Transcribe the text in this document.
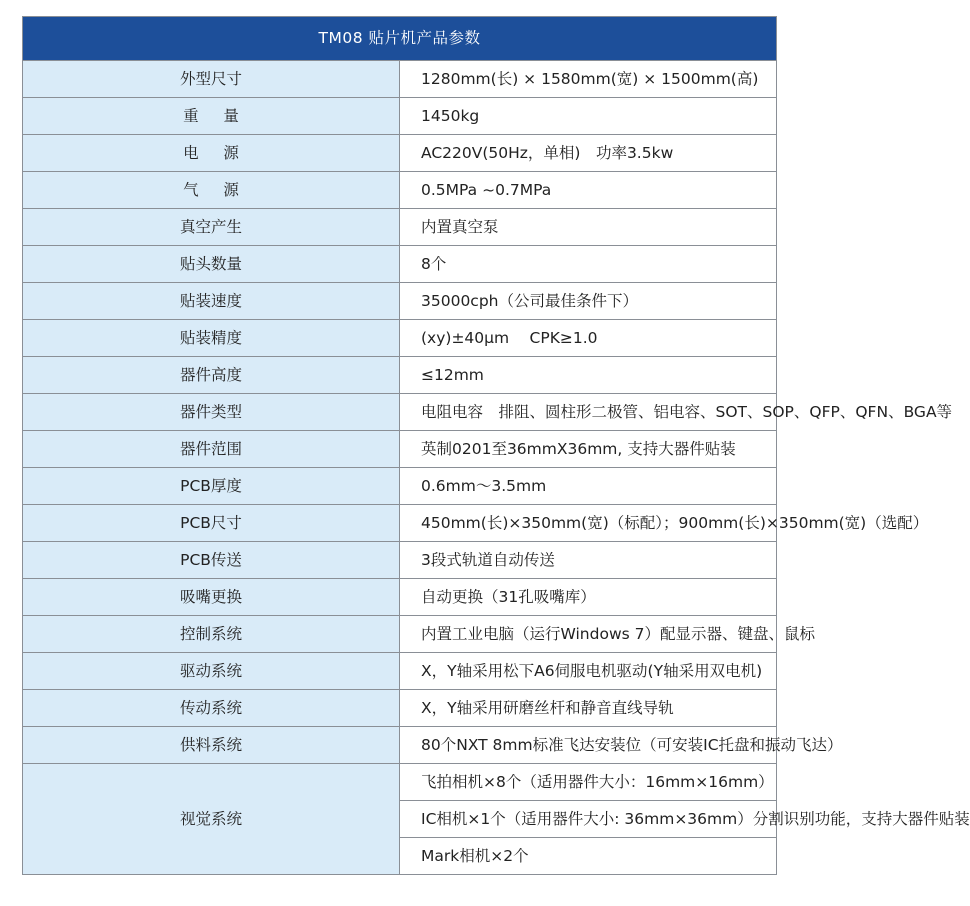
TM08 贴片机产品参数	
外型尺寸	1280mm(长) × 1580mm(宽) × 1500mm(高)
重量	1450kg
电源	AC220V(50Hz，单相)　功率3.5kw
气源	0.5MPa ~0.7MPa
真空产生	内置真空泵
贴头数量	8个
贴装速度	35000cph（公司最佳条件下）
贴装精度	(xy)±40μm　 CPK≥1.0
器件高度	≤12mm
器件类型	电阻电容　排阻、圆柱形二极管、铝电容、SOT、SOP、QFP、QFN、BGA等
器件范围	英制0201至36mmX36mm, 支持大器件贴装
PCB厚度	0.6mm～3.5mm
PCB尺寸	450mm(长)×350mm(宽)（标配）；900mm(长)×350mm(宽)（选配）
PCB传送	3段式轨道自动传送
吸嘴更换	自动更换（31孔吸嘴库）
控制系统	内置工业电脑（运行Windows 7）配显示器、键盘、鼠标
驱动系统	X，Y轴采用松下A6伺服电机驱动(Y轴采用双电机)
传动系统	X，Y轴采用研磨丝杆和静音直线导轨
供料系统	80个NXT 8mm标准飞达安装位（可安装IC托盘和振动飞达）
视觉系统	飞拍相机×8个（适用器件大小：16mm×16mm）
	IC相机×1个（适用器件大小: 36mm×36mm）分割识别功能，支持大器件贴装
	Mark相机×2个
